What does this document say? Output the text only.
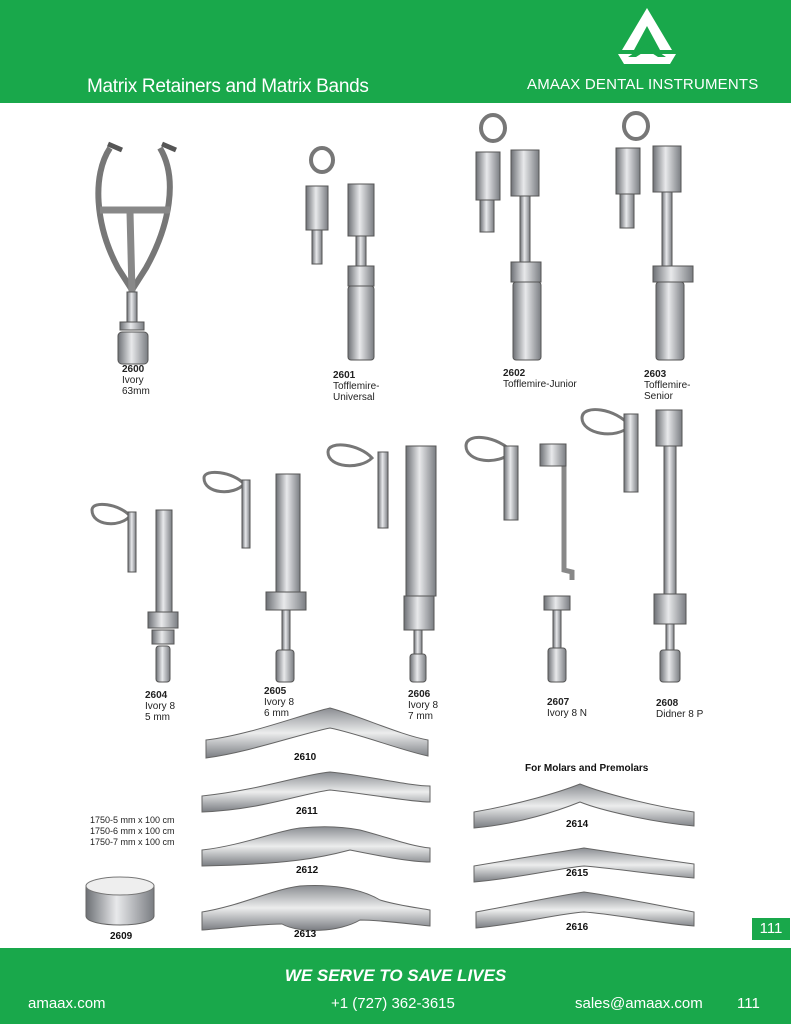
Matrix Retainers and Matrix Bands	AMAAX DENTAL INSTRUMENTS
2600
Ivory
63mm
2601
Tofflemire-
Universal
2602
Tofflemire-Junior
2603
Tofflemire-
Senior
2604
Ivory 8
5 mm
2605
Ivory 8
6 mm
2606
Ivory 8
7 mm
2607
Ivory 8 N
2608
Didner 8 P
2610
2611
2612
2613
2614
2615
2616
2609
For Molars and Premolars
1750-5 mm x 100 cm
1750-6 mm x 100 cm
1750-7 mm x 100 cm
111
WE SERVE TO SAVE LIVES
amaax.com	+1 (727) 362-3615	sales@amaax.com 111
